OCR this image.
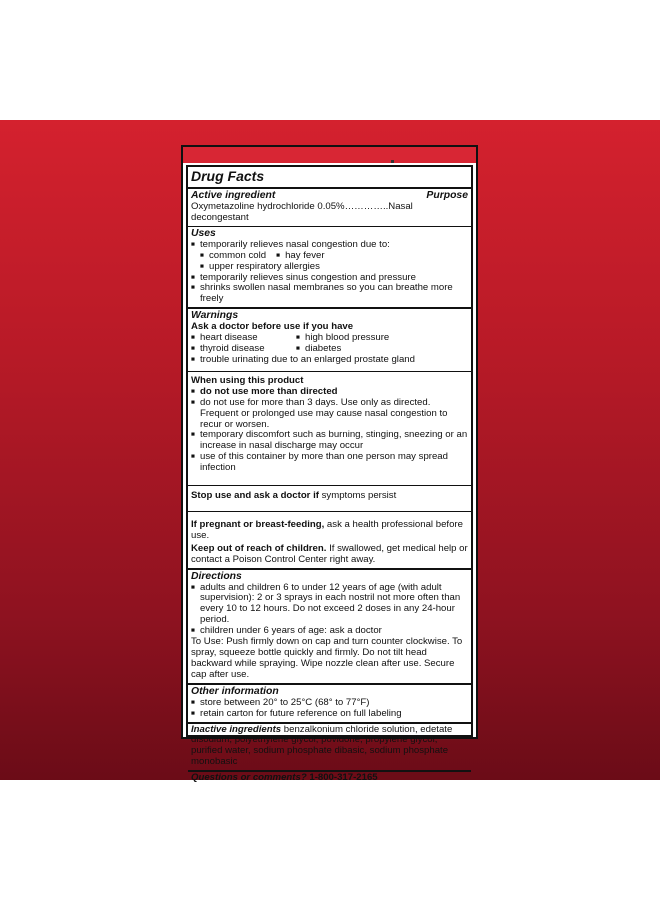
Drug Facts
Active ingredient	Purpose
Oxymetazoline hydrochloride 0.05%…………..Nasal decongestant
Uses
■ temporarily relieves nasal congestion due to:
■ common cold■ hay fever
■ upper respiratory allergies
■ temporarily relieves sinus congestion and pressure
■ shrinks swollen nasal membranes so you can breathe more freely
Warnings
Ask a doctor before use if you have
■ heart disease	■ high blood pressure
■ thyroid disease	■ diabetes
■ trouble urinating due to an enlarged prostate gland
When using this product
■ do not use more than directed
■ do not use for more than 3 days. Use only as directed. Frequent or prolonged use may cause nasal congestion to recur or worsen.
■ temporary discomfort such as burning, stinging, sneezing or an increase in nasal discharge may occur
■ use of this container by more than one person may spread infection
Stop use and ask a doctor if symptoms persist
If pregnant or breast-feeding, ask a health professional before use.
Keep out of reach of children. If swallowed, get medical help or contact a Poison Control Center right away.
Directions
■ adults and children 6 to under 12 years of age (with adult supervision): 2 or 3 sprays in each nostril not more often than every 10 to 12 hours. Do not exceed 2 doses in any 24-hour period.
■ children under 6 years of age: ask a doctor
To Use: Push firmly down on cap and turn counter clockwise. To spray, squeeze bottle quickly and firmly. Do not tilt head backward while spraying. Wipe nozzle clean after use. Secure cap after use.
Other information
■ store between 20° to 25°C (68° to 77°F)
■ retain carton for future reference on full labeling
Inactive ingredients benzalkonium chloride solution, edetate disodium, polyethylene glycol, povidone, propylene glycol, purified water, sodium phosphate dibasic, sodium phosphate monobasic
Questions or comments? 1-800-317-2165
